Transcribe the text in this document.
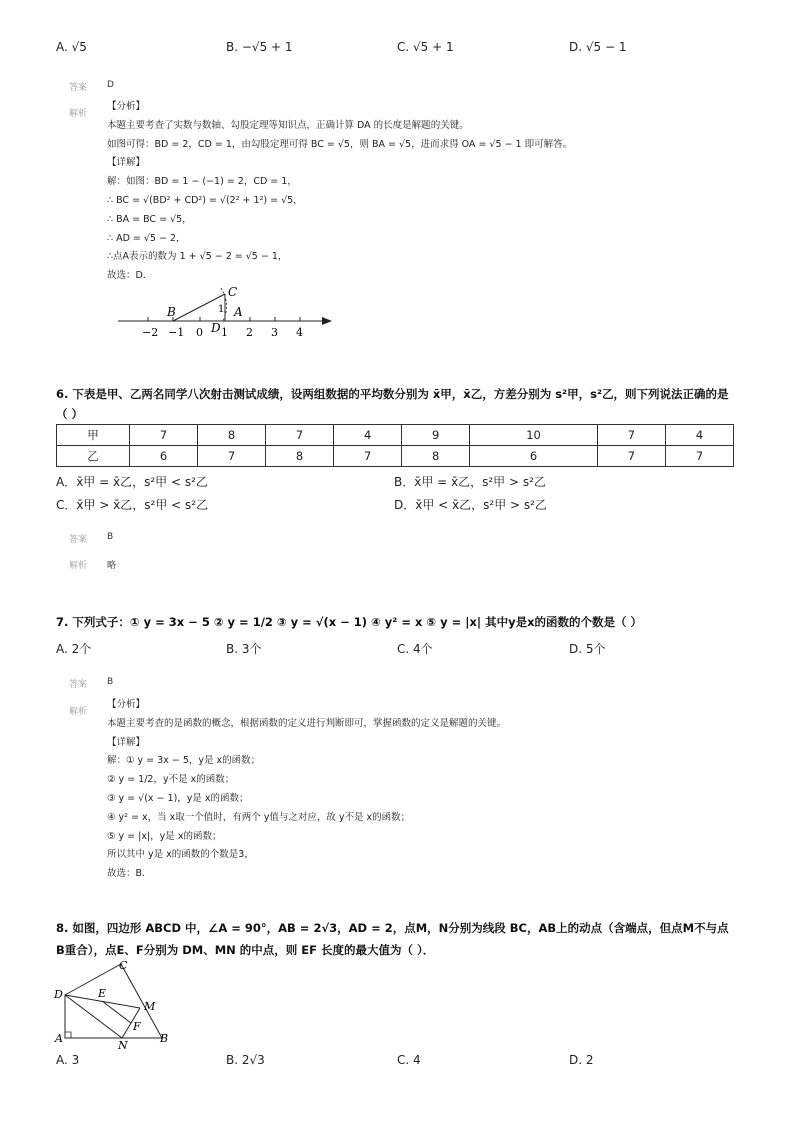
A. √5	B. −√5 + 1	C. √5 + 1	D. √5 − 1
答案 D
解析
【分析】
本题主要考查了实数与数轴、勾股定理等知识点，正确计算 DA 的长度是解题的关键。
如图可得：BD = 2，CD = 1，由勾股定理可得 BC = √5，则 BA = √5，进而求得 OA = √5 − 1 即可解答。
【详解】
解：如图：BD = 1 − (−1) = 2，CD = 1，
∴ BC = √(BD² + CD²) = √(2² + 1²) = √5，
∴ BA = BC = √5，
∴ AD = √5 − 2，
∴点A表示的数为 1 + √5 − 2 = √5 − 1，
故选：D．
−2 −1 0 1 2 3 4
B
C
D
A
1
6. 下表是甲、乙两名同学八次射击测试成绩，设两组数据的平均数分别为 x̄甲，x̄乙，方差分别为 s²甲，s²乙，则下列说法正确的是
（ ）
甲	7	8	7	4	9	10	7	4
乙	6	7	8	7	8	6	7	7
A．x̄甲 = x̄乙，s²甲 < s²乙	B．x̄甲 = x̄乙，s²甲 > s²乙
C．x̄甲 > x̄乙，s²甲 < s²乙	D．x̄甲 < x̄乙，s²甲 > s²乙
答案 B
解析 略
7. 下列式子：① y = 3x − 5 ② y = 1/2 ③ y = √(x − 1) ④ y² = x ⑤ y = |x| 其中y是x的函数的个数是（ ）
A. 2个	B. 3个	C. 4个	D. 5个
答案 B
解析
【分析】
本题主要考查的是函数的概念，根据函数的定义进行判断即可，掌握函数的定义是解题的关键。
【详解】
解：① y = 3x − 5，y是 x的函数；
② y = 1/2，y不是 x的函数；
③ y = √(x − 1)，y是 x的函数；
④ y² = x，当 x取一个值时，有两个 y值与之对应，故 y不是 x的函数；
⑤ y = |x|，y是 x的函数；
所以其中 y是 x的函数的个数是3，
故选：B．
8. 如图，四边形 ABCD 中，∠A = 90°，AB = 2√3，AD = 2，点M，N分别为线段 BC，AB上的动点（含端点，但点M不与点
B重合），点E、F分别为 DM、MN 的中点，则 EF 长度的最大值为（ ）．
C
D	E
M
F
A
N
B
A. 3	B. 2√3	C. 4	D. 2
